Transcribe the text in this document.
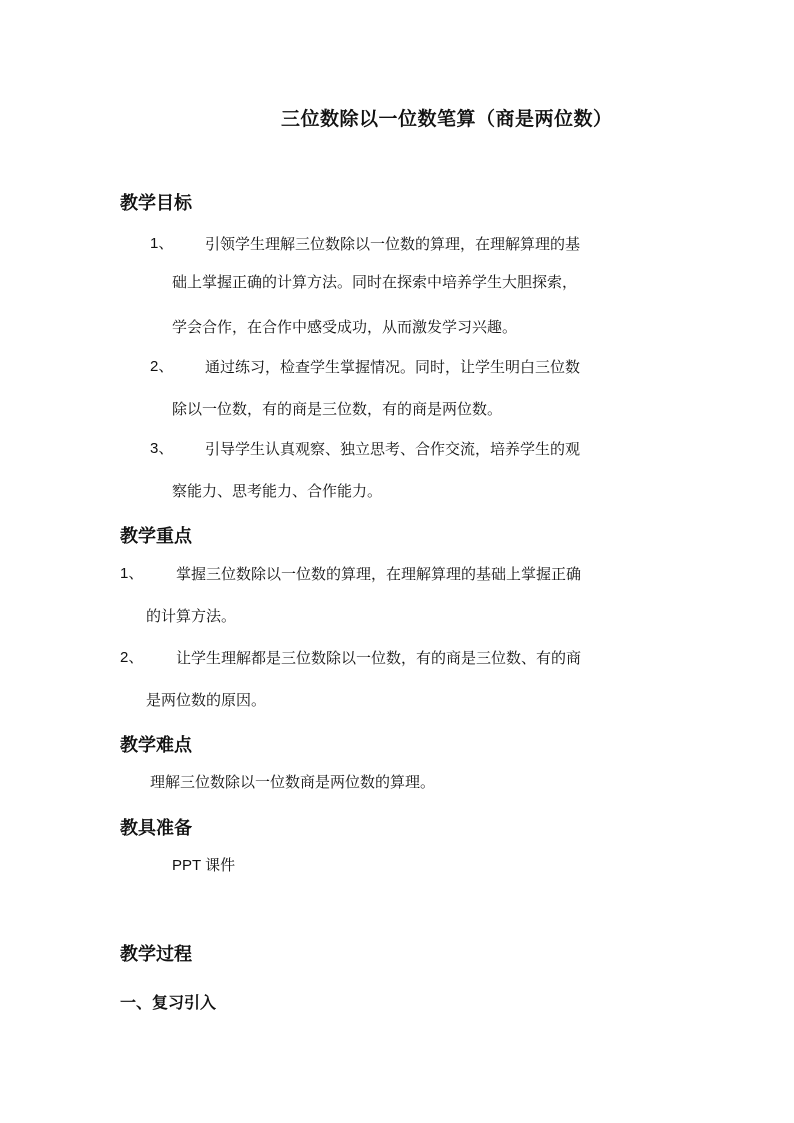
三位数除以一位数笔算（商是两位数）
教学目标
1、 引领学生理解三位数除以一位数的算理，在理解算理的基
础上掌握正确的计算方法。同时在探索中培养学生大胆探索，
学会合作，在合作中感受成功，从而激发学习兴趣。
2、 通过练习，检查学生掌握情况。同时，让学生明白三位数
除以一位数，有的商是三位数，有的商是两位数。
3、 引导学生认真观察、独立思考、合作交流，培养学生的观
察能力、思考能力、合作能力。
教学重点
1、 掌握三位数除以一位数的算理，在理解算理的基础上掌握正确
的计算方法。
2、 让学生理解都是三位数除以一位数，有的商是三位数、有的商
是两位数的原因。
教学难点
理解三位数除以一位数商是两位数的算理。
教具准备
PPT 课件
教学过程
一、复习引入
